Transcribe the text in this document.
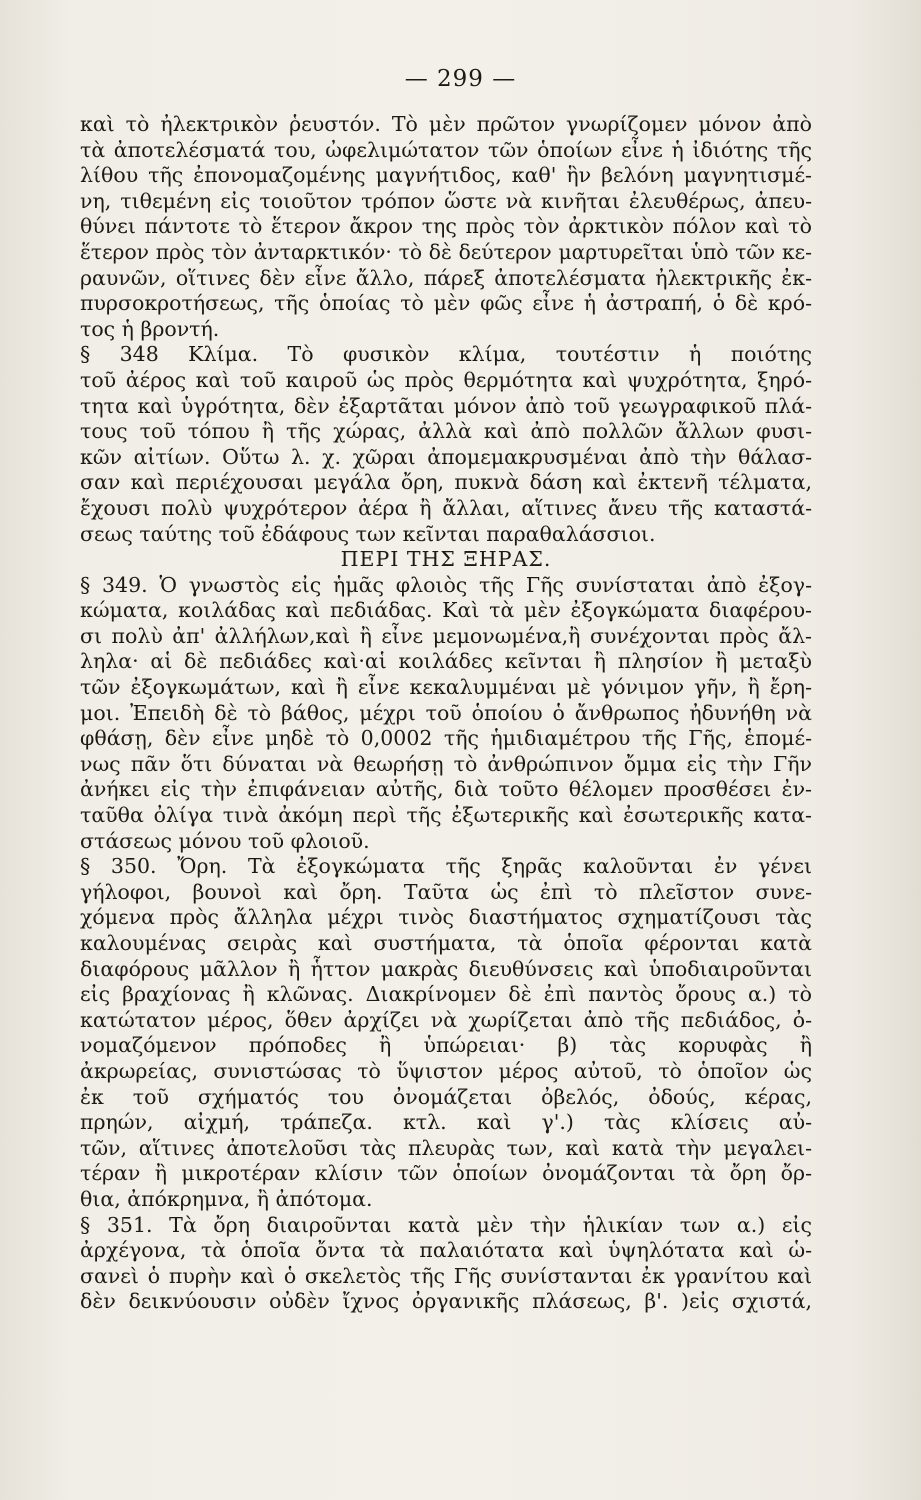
— 299 —
καὶ τὸ ἠλεκτρικὸν ῥευστόν. Τὸ μὲν πρῶτον γνωρίζομεν μόνον ἀπὸ
τὰ ἀποτελέσματά του, ὠφελιμώτατον τῶν ὁποίων εἶνε ἡ ἰδιότης τῆς
λίθου τῆς ἐπονομαζομένης μαγνήτιδος, καθ' ἣν βελόνη μαγνητισμέ-
νη, τιθεμένη εἰς τοιοῦτον τρόπον ὥστε νὰ κινῆται ἐλευθέρως, ἀπευ-
θύνει πάντοτε τὸ ἕτερον ἄκρον της πρὸς τὸν ἀρκτικὸν πόλον καὶ τὸ
ἕτερον πρὸς τὸν ἀνταρκτικόν· τὸ δὲ δεύτερον μαρτυρεῖται ὑπὸ τῶν κε-
ραυνῶν, οἵτινες δὲν εἶνε ἄλλο, πάρεξ ἀποτελέσματα ἠλεκτρικῆς ἐκ-
πυρσοκροτήσεως, τῆς ὁποίας τὸ μὲν φῶς εἶνε ἡ ἀστραπή, ὁ δὲ κρό-
τος ἡ βροντή.
§ 348 Κλίμα. Τὸ φυσικὸν κλίμα, τουτέστιν ἡ ποιότης
τοῦ ἀέρος καὶ τοῦ καιροῦ ὡς πρὸς θερμότητα καὶ ψυχρότητα, ξηρό-
τητα καὶ ὑγρότητα, δὲν ἐξαρτᾶται μόνον ἀπὸ τοῦ γεωγραφικοῦ πλά-
τους τοῦ τόπου ἢ τῆς χώρας, ἀλλὰ καὶ ἀπὸ πολλῶν ἄλλων φυσι-
κῶν αἰτίων. Οὕτω λ. χ. χῶραι ἀπομεμακρυσμέναι ἀπὸ τὴν θάλασ-
σαν καὶ περιέχουσαι μεγάλα ὄρη, πυκνὰ δάση καὶ ἐκτενῆ τέλματα,
ἔχουσι πολὺ ψυχρότερον ἀέρα ἢ ἄλλαι, αἵτινες ἄνευ τῆς καταστά-
σεως ταύτης τοῦ ἐδάφους των κεῖνται παραθαλάσσιοι.
ΠΕΡΙ ΤΗΣ ΞΗΡΑΣ.
§ 349. Ὁ γνωστὸς εἰς ἡμᾶς φλοιὸς τῆς Γῆς συνίσταται ἀπὸ ἐξογ-
κώματα, κοιλάδας καὶ πεδιάδας. Καὶ τὰ μὲν ἐξογκώματα διαφέρου-
σι πολὺ ἀπ' ἀλλήλων,καὶ ἢ εἶνε μεμονωμένα,ἢ συνέχονται πρὸς ἄλ-
ληλα· αἱ δὲ πεδιάδες καὶ·αἱ κοιλάδες κεῖνται ἢ πλησίον ἢ μεταξὺ
τῶν ἐξογκωμάτων, καὶ ἢ εἶνε κεκαλυμμέναι μὲ γόνιμον γῆν, ἢ ἔρη-
μοι. Ἐπειδὴ δὲ τὸ βάθος, μέχρι τοῦ ὁποίου ὁ ἄνθρωπος ἠδυνήθη νὰ
φθάσῃ, δὲν εἶνε μηδὲ τὸ 0,0002 τῆς ἡμιδιαμέτρου τῆς Γῆς, ἑπομέ-
νως πᾶν ὅτι δύναται νὰ θεωρήσῃ τὸ ἀνθρώπινον ὄμμα εἰς τὴν Γῆν
ἀνήκει εἰς τὴν ἐπιφάνειαν αὐτῆς, διὰ τοῦτο θέλομεν προσθέσει ἐν-
ταῦθα ὀλίγα τινὰ ἀκόμη περὶ τῆς ἐξωτερικῆς καὶ ἐσωτερικῆς κατα-
στάσεως μόνου τοῦ φλοιοῦ.
§ 350. Ὄρη. Τὰ ἐξογκώματα τῆς ξηρᾶς καλοῦνται ἐν γένει
γήλοφοι, βουνοὶ καὶ ὄρη. Ταῦτα ὡς ἐπὶ τὸ πλεῖστον συνε-
χόμενα πρὸς ἄλληλα μέχρι τινὸς διαστήματος σχηματίζουσι τὰς
καλουμένας σειρὰς καὶ συστήματα, τὰ ὁποῖα φέρονται κατὰ
διαφόρους μᾶλλον ἢ ἧττον μακρὰς διευθύνσεις καὶ ὑποδιαιροῦνται
εἰς βραχίονας ἢ κλῶνας. Διακρίνομεν δὲ ἐπὶ παντὸς ὄρους α.) τὸ
κατώτατον μέρος, ὅθεν ἀρχίζει νὰ χωρίζεται ἀπὸ τῆς πεδιάδος, ὀ-
νομαζόμενον πρόποδες ἢ ὑπώρειαι· β) τὰς κορυφὰς ἢ
ἀκρωρείας, συνιστώσας τὸ ὕψιστον μέρος αὐτοῦ, τὸ ὁποῖον ὡς
ἐκ τοῦ σχήματός του ὀνομάζεται ὀβελός, ὀδούς, κέρας,
πρηών, αἰχμή, τράπεζα. κτλ. καὶ γ'.) τὰς κλίσεις αὐ-
τῶν, αἵτινες ἀποτελοῦσι τὰς πλευρὰς των, καὶ κατὰ τὴν μεγαλει-
τέραν ἢ μικροτέραν κλίσιν τῶν ὁποίων ὀνομάζονται τὰ ὄρη ὄρ-
θια, ἀπόκρημνα, ἢ ἀπότομα.
§ 351. Τὰ ὄρη διαιροῦνται κατὰ μὲν τὴν ἡλικίαν των α.) εἰς
ἀρχέγονα, τὰ ὁποῖα ὄντα τὰ παλαιότατα καὶ ὑψηλότατα καὶ ὡ-
σανεὶ ὁ πυρὴν καὶ ὁ σκελετὸς τῆς Γῆς συνίστανται ἐκ γρανίτου καὶ
δὲν δεικνύουσιν οὐδὲν ἴχνος ὀργανικῆς πλάσεως, β'. )εἰς σχιστά,
